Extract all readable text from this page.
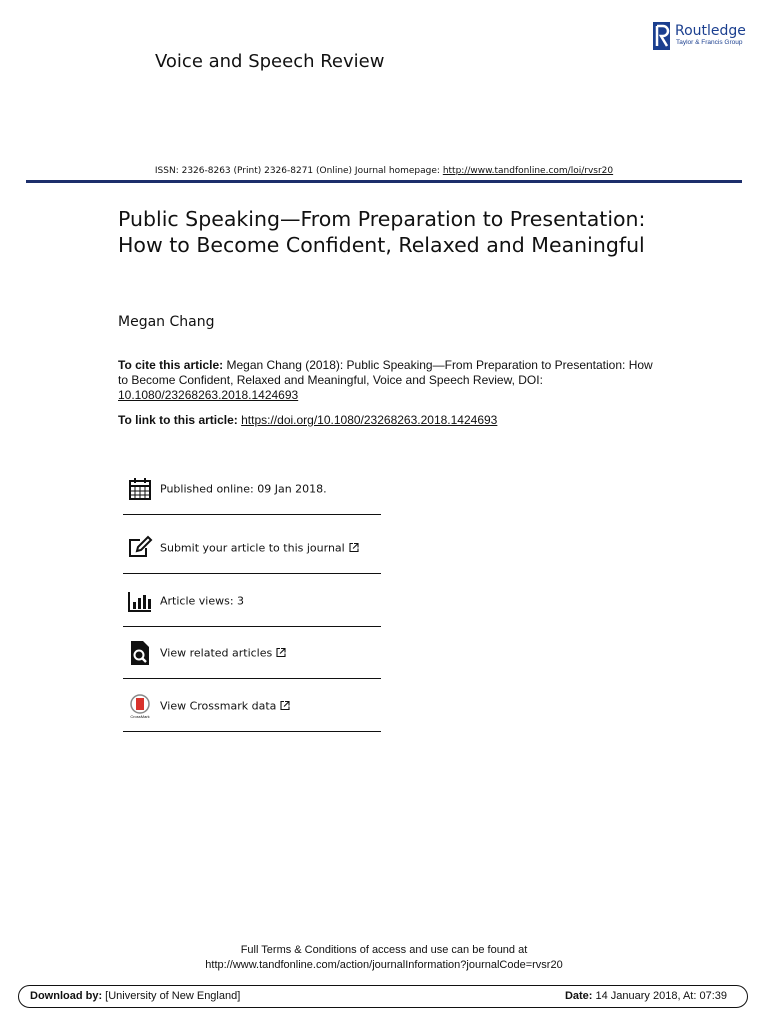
Voice and Speech Review
Routledge
Taylor & Francis Group
ISSN: 2326-8263 (Print) 2326-8271 (Online) Journal homepage: http://www.tandfonline.com/loi/rvsr20
Public Speaking—From Preparation to Presentation: How to Become Confident, Relaxed and Meaningful
Megan Chang
To cite this article: Megan Chang (2018): Public Speaking—From Preparation to Presentation: How to Become Confident, Relaxed and Meaningful, Voice and Speech Review, DOI: 10.1080/23268263.2018.1424693
To link to this article: https://doi.org/10.1080/23268263.2018.1424693
Published online: 09 Jan 2018.
Submit your article to this journal
Article views: 3
View related articles
CrossMark
View Crossmark data
Full Terms & Conditions of access and use can be found at
http://www.tandfonline.com/action/journalInformation?journalCode=rvsr20
Download by: [University of New England]	Date: 14 January 2018, At: 07:39
